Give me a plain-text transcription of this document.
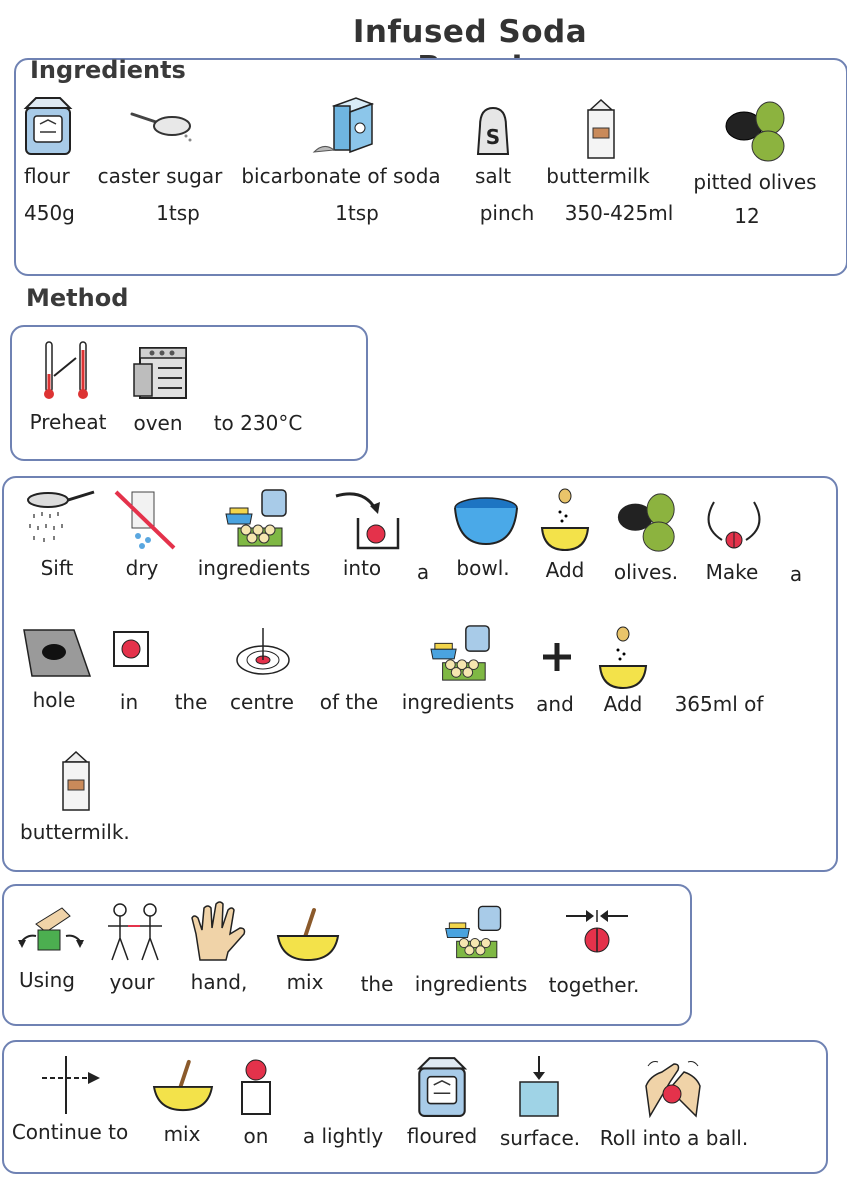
Infused Soda
Ingredients
flour
450g
caster sugar
1tsp
bicarbonate of soda
1tsp
S
salt
pinch
buttermilk
350-425ml
pitted olives
12
Method
Preheat oven to 230°C
Sift	dry ingredients into a bowl. Add olives. Make a
hole in the centre of the ingredients and Add 365ml of
buttermilk.
Using your hand, mix the ingredients together.
Continue to mix on a lightly floured surface. Roll into a ball.
